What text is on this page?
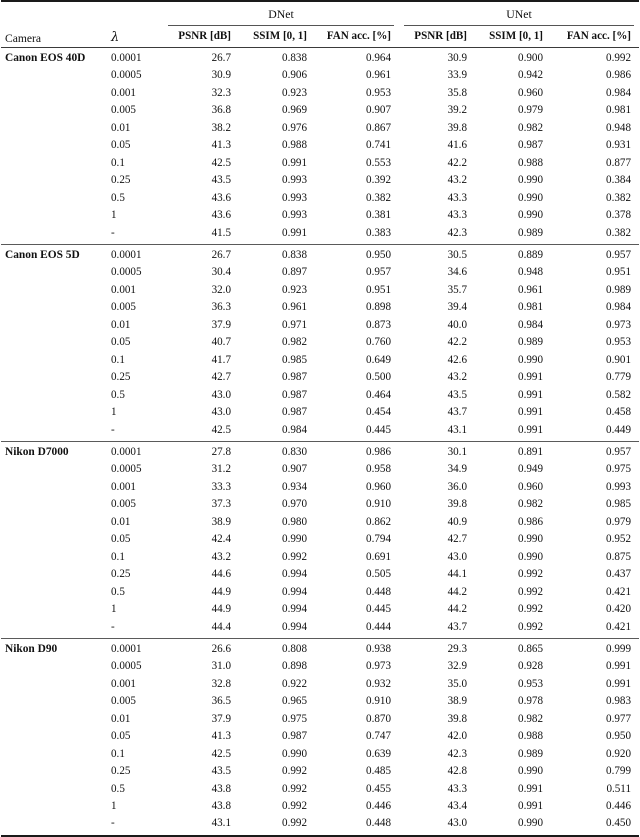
Camera	λ	DNet			UNet		

		PSNR [dB]	SSIM [0, 1]	FAN acc. [%]	PSNR [dB]	SSIM [0, 1]	FAN acc. [%]

Canon EOS 40D	0.0001	26.7	0.838	0.964	30.9	0.900	0.992
	0.0005	30.9	0.906	0.961	33.9	0.942	0.986
	0.001	32.3	0.923	0.953	35.8	0.960	0.984
	0.005	36.8	0.969	0.907	39.2	0.979	0.981
	0.01	38.2	0.976	0.867	39.8	0.982	0.948
	0.05	41.3	0.988	0.741	41.6	0.987	0.931
	0.1	42.5	0.991	0.553	42.2	0.988	0.877
	0.25	43.5	0.993	0.392	43.2	0.990	0.384
	0.5	43.6	0.993	0.382	43.3	0.990	0.382
	1	43.6	0.993	0.381	43.3	0.990	0.378
	-	41.5	0.991	0.383	42.3	0.989	0.382

Canon EOS 5D	0.0001	26.7	0.838	0.950	30.5	0.889	0.957
	0.0005	30.4	0.897	0.957	34.6	0.948	0.951
	0.001	32.0	0.923	0.951	35.7	0.961	0.989
	0.005	36.3	0.961	0.898	39.4	0.981	0.984
	0.01	37.9	0.971	0.873	40.0	0.984	0.973
	0.05	40.7	0.982	0.760	42.2	0.989	0.953
	0.1	41.7	0.985	0.649	42.6	0.990	0.901
	0.25	42.7	0.987	0.500	43.2	0.991	0.779
	0.5	43.0	0.987	0.464	43.5	0.991	0.582
	1	43.0	0.987	0.454	43.7	0.991	0.458
	-	42.5	0.984	0.445	43.1	0.991	0.449

Nikon D7000	0.0001	27.8	0.830	0.986	30.1	0.891	0.957
	0.0005	31.2	0.907	0.958	34.9	0.949	0.975
	0.001	33.3	0.934	0.960	36.0	0.960	0.993
	0.005	37.3	0.970	0.910	39.8	0.982	0.985
	0.01	38.9	0.980	0.862	40.9	0.986	0.979
	0.05	42.4	0.990	0.794	42.7	0.990	0.952
	0.1	43.2	0.992	0.691	43.0	0.990	0.875
	0.25	44.6	0.994	0.505	44.1	0.992	0.437
	0.5	44.9	0.994	0.448	44.2	0.992	0.421
	1	44.9	0.994	0.445	44.2	0.992	0.420
	-	44.4	0.994	0.444	43.7	0.992	0.421

Nikon D90	0.0001	26.6	0.808	0.938	29.3	0.865	0.999
	0.0005	31.0	0.898	0.973	32.9	0.928	0.991
	0.001	32.8	0.922	0.932	35.0	0.953	0.991
	0.005	36.5	0.965	0.910	38.9	0.978	0.983
	0.01	37.9	0.975	0.870	39.8	0.982	0.977
	0.05	41.3	0.987	0.747	42.0	0.988	0.950
	0.1	42.5	0.990	0.639	42.3	0.989	0.920
	0.25	43.5	0.992	0.485	42.8	0.990	0.799
	0.5	43.8	0.992	0.455	43.3	0.991	0.511
	1	43.8	0.992	0.446	43.4	0.991	0.446
	-	43.1	0.992	0.448	43.0	0.990	0.450
